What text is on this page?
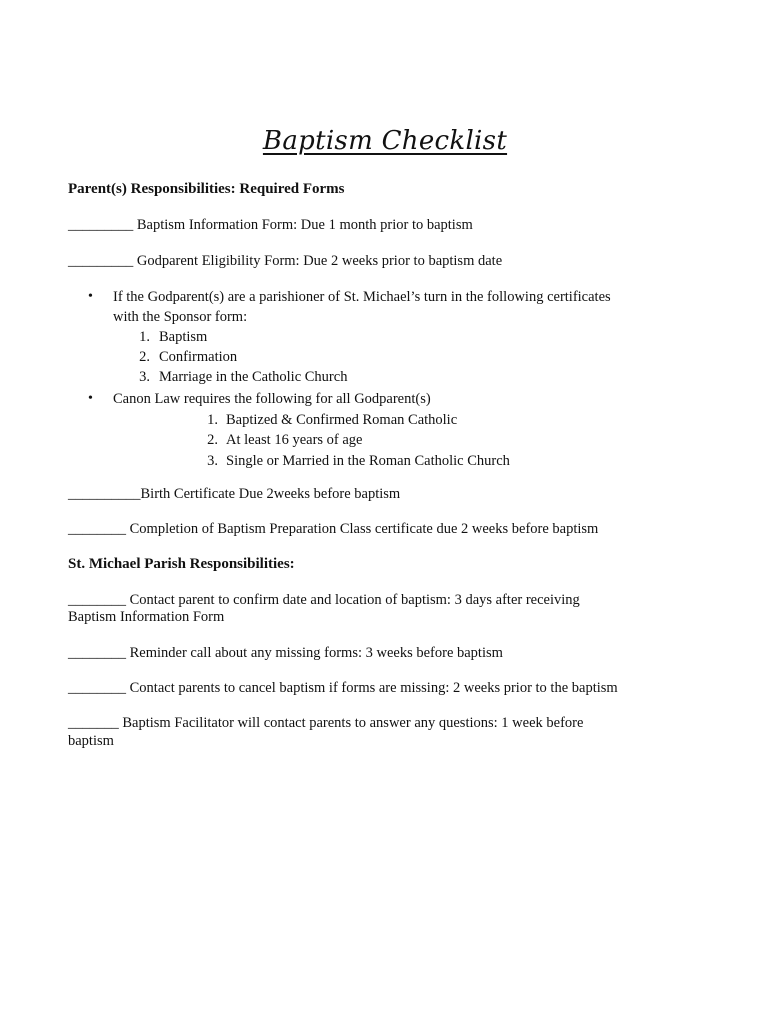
Baptism Checklist
Parent(s) Responsibilities: Required Forms
_________ Baptism Information Form: Due 1 month prior to baptism
_________ Godparent Eligibility Form: Due 2 weeks prior to baptism date
• If the Godparent(s) are a parishioner of St. Michael’s turn in the following certificates
with the Sponsor form:
1. Baptism
2. Confirmation
3. Marriage in the Catholic Church
• Canon Law requires the following for all Godparent(s)
1. Baptized & Confirmed Roman Catholic
2. At least 16 years of age
3. Single or Married in the Roman Catholic Church
__________Birth Certificate Due 2weeks before baptism
________ Completion of Baptism Preparation Class certificate due 2 weeks before baptism
St. Michael Parish Responsibilities:
________ Contact parent to confirm date and location of baptism: 3 days after receiving
Baptism Information Form
________ Reminder call about any missing forms: 3 weeks before baptism
________ Contact parents to cancel baptism if forms are missing: 2 weeks prior to the baptism
_______ Baptism Facilitator will contact parents to answer any questions: 1 week before
baptism
